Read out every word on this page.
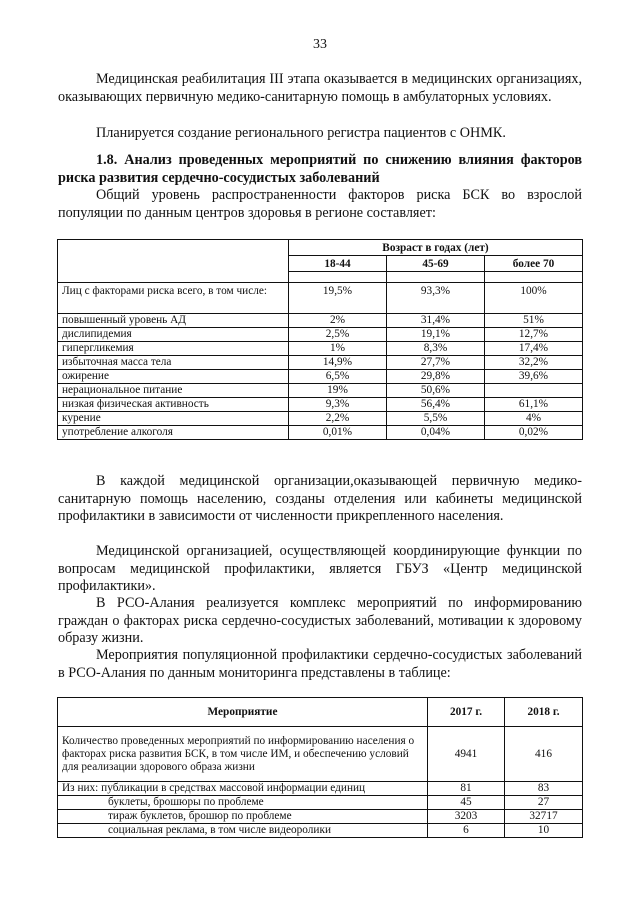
33

Медицинская реабилитация III этапа оказывается в медицинских организациях, оказывающих первичную медико-санитарную помощь в амбулаторных условиях.

Планируется создание регионального регистра пациентов с ОНМК.

1.8. Анализ проведенных мероприятий по снижению влияния факторов риска развития сердечно-сосудистых заболеваний

Общий уровень распространенности факторов риска БСК во взрослой популяции по данным центров здоровья в регионе составляет:

	Возраст в годах (лет)		
	18-44	45-69	более 70

Лиц с факторами риска всего, в том числе:	19,5%	93,3%	100%
повышенный уровень АД	2%	31,4%	51%
дислипидемия	2,5%	19,1%	12,7%
гипергликемия	1%	8,3%	17,4%
избыточная масса тела	14,9%	27,7%	32,2%
ожирение	6,5%	29,8%	39,6%
нерациональное питание	19%	50,6%	
низкая физическая активность	9,3%	56,4%	61,1%
курение	2,2%	5,5%	4%
употребление алкоголя	0,01%	0,04%	0,02%

В каждой медицинской организации,оказывающей первичную медико-санитарную помощь населению, созданы отделения или кабинеты медицинской профилактики в зависимости от численности прикрепленного населения.

Медицинской организацией, осуществляющей координирующие функции по вопросам медицинской профилактики, является ГБУЗ «Центр медицинской профилактики».

В РСО-Алания реализуется комплекс мероприятий по информированию граждан о факторах риска сердечно-сосудистых заболеваний, мотивации к здоровому образу жизни.

Мероприятия популяционной профилактики сердечно-сосудистых заболеваний в РСО-Алания по данным мониторинга представлены в таблице:

Мероприятие	2017 г.	2018 г.
Количество проведенных мероприятий по информированию населения о факторах риска развития БСК, в том числе ИМ, и обеспечению условий для реализации здорового образа жизни	4941	416
Из них: публикации в средствах массовой информации единиц	81	83
буклеты, брошюры по проблеме	45	27
тираж буклетов, брошюр по проблеме	3203	32717
социальная реклама, в том числе видеоролики	6	10
